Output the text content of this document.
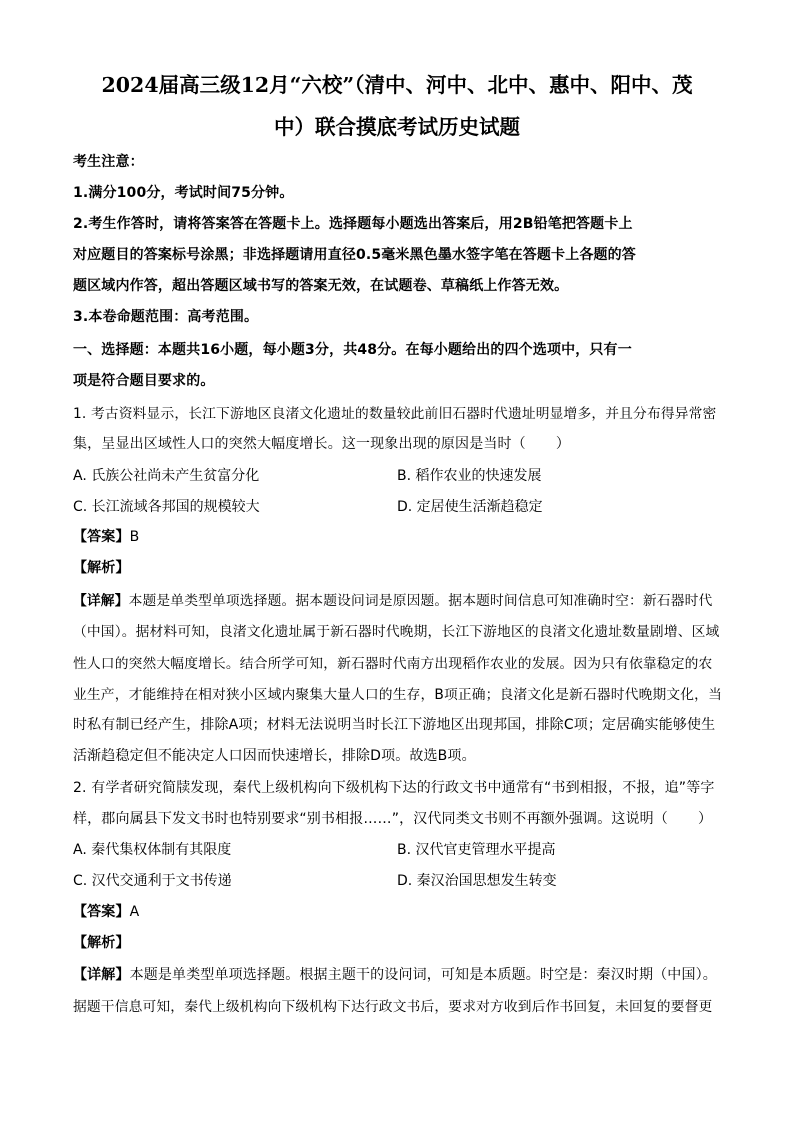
2024届高三级12月“六校”（清中、河中、北中、惠中、阳中、茂
中）联合摸底考试历史试题
考生注意：
1.满分100分，考试时间75分钟。
2.考生作答时，请将答案答在答题卡上。选择题每小题选出答案后，用2B铅笔把答题卡上
对应题目的答案标号涂黑；非选择题请用直径0.5毫米黑色墨水签字笔在答题卡上各题的答
题区域内作答，超出答题区域书写的答案无效，在试题卷、草稿纸上作答无效。
3.本卷命题范围：高考范围。
一、选择题：本题共16小题，每小题3分，共48分。在每小题给出的四个选项中，只有一
项是符合题目要求的。
1. 考古资料显示，长江下游地区良渚文化遗址的数量较此前旧石器时代遗址明显增多，并且分布得异常密
集，呈显出区域性人口的突然大幅度增长。这一现象出现的原因是当时（ ）
A. 氏族公社尚未产生贫富分化	B. 稻作农业的快速发展
C. 长江流域各邦国的规模较大	D. 定居使生活渐趋稳定
【答案】B
【解析】
【详解】本题是单类型单项选择题。据本题设问词是原因题。据本题时间信息可知准确时空：新石器时代
（中国）。据材料可知，良渚文化遗址属于新石器时代晚期，长江下游地区的良渚文化遗址数量剧增、区域
性人口的突然大幅度增长。结合所学可知，新石器时代南方出现稻作农业的发展。因为只有依靠稳定的农
业生产，才能维持在相对狭小区域内聚集大量人口的生存，B项正确；良渚文化是新石器时代晚期文化，当
时私有制已经产生，排除A项；材料无法说明当时长江下游地区出现邦国，排除C项；定居确实能够使生
活渐趋稳定但不能决定人口因而快速增长，排除D项。故选B项。
2. 有学者研究简牍发现，秦代上级机构向下级机构下达的行政文书中通常有“书到相报，不报，追”等字
样，郡向属县下发文书时也特别要求“别书相报……”，汉代同类文书则不再额外强调。这说明（ ）
A. 秦代集权体制有其限度	B. 汉代官吏管理水平提高
C. 汉代交通利于文书传递	D. 秦汉治国思想发生转变
【答案】A
【解析】
【详解】本题是单类型单项选择题。根据主题干的设问词，可知是本质题。时空是：秦汉时期（中国）。
据题干信息可知，秦代上级机构向下级机构下达行政文书后，要求对方收到后作书回复，未回复的要督更
